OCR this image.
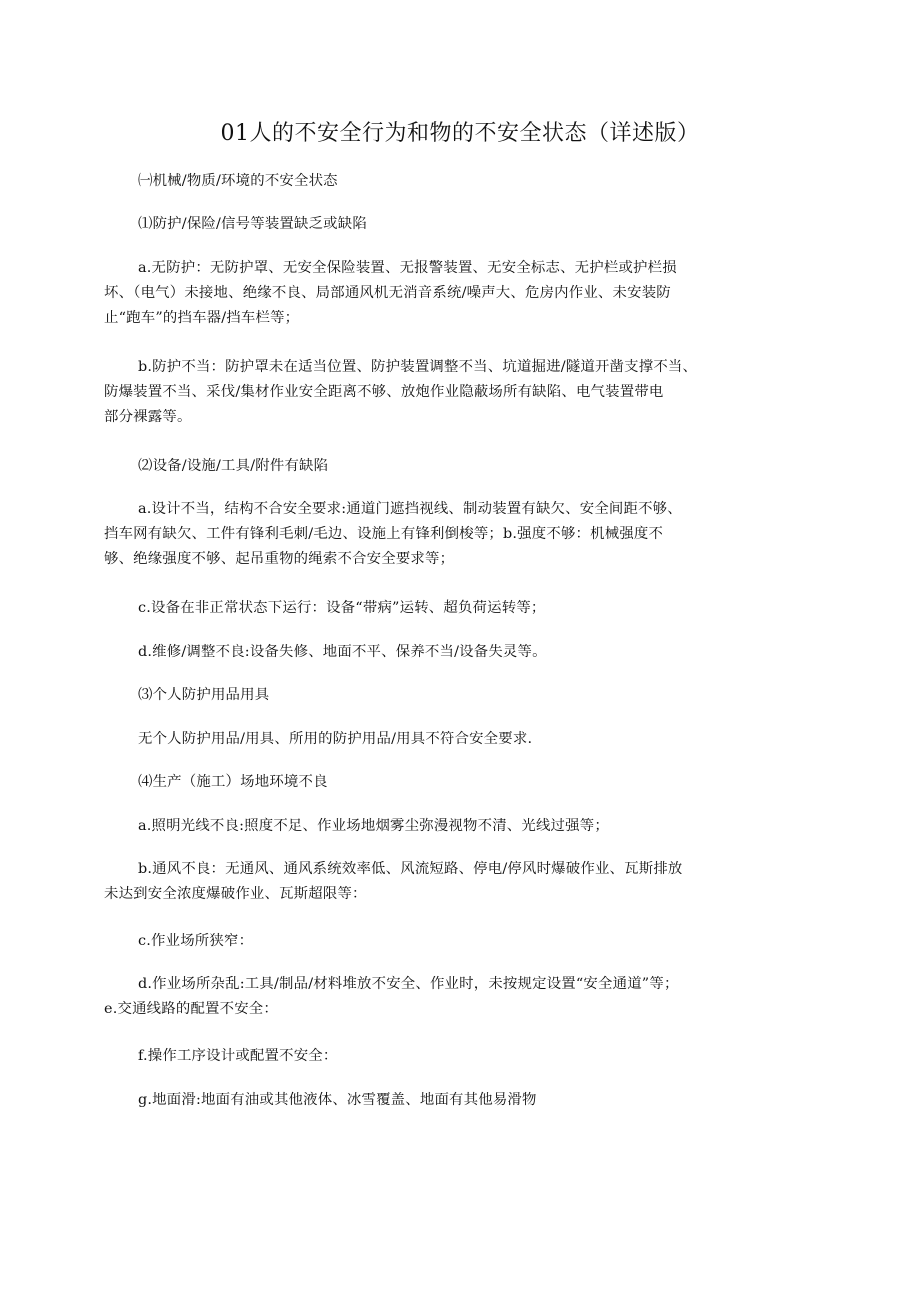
01人的不安全行为和物的不安全状态（详述版）

㈠机械/物质/环境的不安全状态

⑴防护/保险/信号等装置缺乏或缺陷

a.无防护：无防护罩、无安全保险装置、无报警装置、无安全标志、无护栏或护栏损
坏、（电气）未接地、绝缘不良、局部通风机无消音系统/噪声大、危房内作业、未安装防
止“跑车”的挡车器/挡车栏等；

b.防护不当：防护罩未在适当位置、防护装置调整不当、坑道掘进/隧道开凿支撑不当、
防爆装置不当、采伐/集材作业安全距离不够、放炮作业隐蔽场所有缺陷、电气装置带电
部分裸露等。

⑵设备/设施/工具/附件有缺陷

a.设计不当，结构不合安全要求:通道门遮挡视线、制动装置有缺欠、安全间距不够、
挡车网有缺欠、工件有锋利毛刺/毛边、设施上有锋利倒梭等；b.强度不够：机械强度不
够、绝缘强度不够、起吊重物的绳索不合安全要求等；

c.设备在非正常状态下运行：设备“带病”运转、超负荷运转等；

d.维修/调整不良:设备失修、地面不平、保养不当/设备失灵等。

⑶个人防护用品用具

无个人防护用品/用具、所用的防护用品/用具不符合安全要求.

⑷生产（施工）场地环境不良

a.照明光线不良:照度不足、作业场地烟雾尘弥漫视物不清、光线过强等；

b.通风不良：无通风、通风系统效率低、风流短路、停电/停风时爆破作业、瓦斯排放
未达到安全浓度爆破作业、瓦斯超限等：

c.作业场所狭窄：

d.作业场所杂乱:工具/制品/材料堆放不安全、作业时，未按规定设置“安全通道”等；
e.交通线路的配置不安全：

f.操作工序设计或配置不安全：

g.地面滑:地面有油或其他液体、冰雪覆盖、地面有其他易滑物
